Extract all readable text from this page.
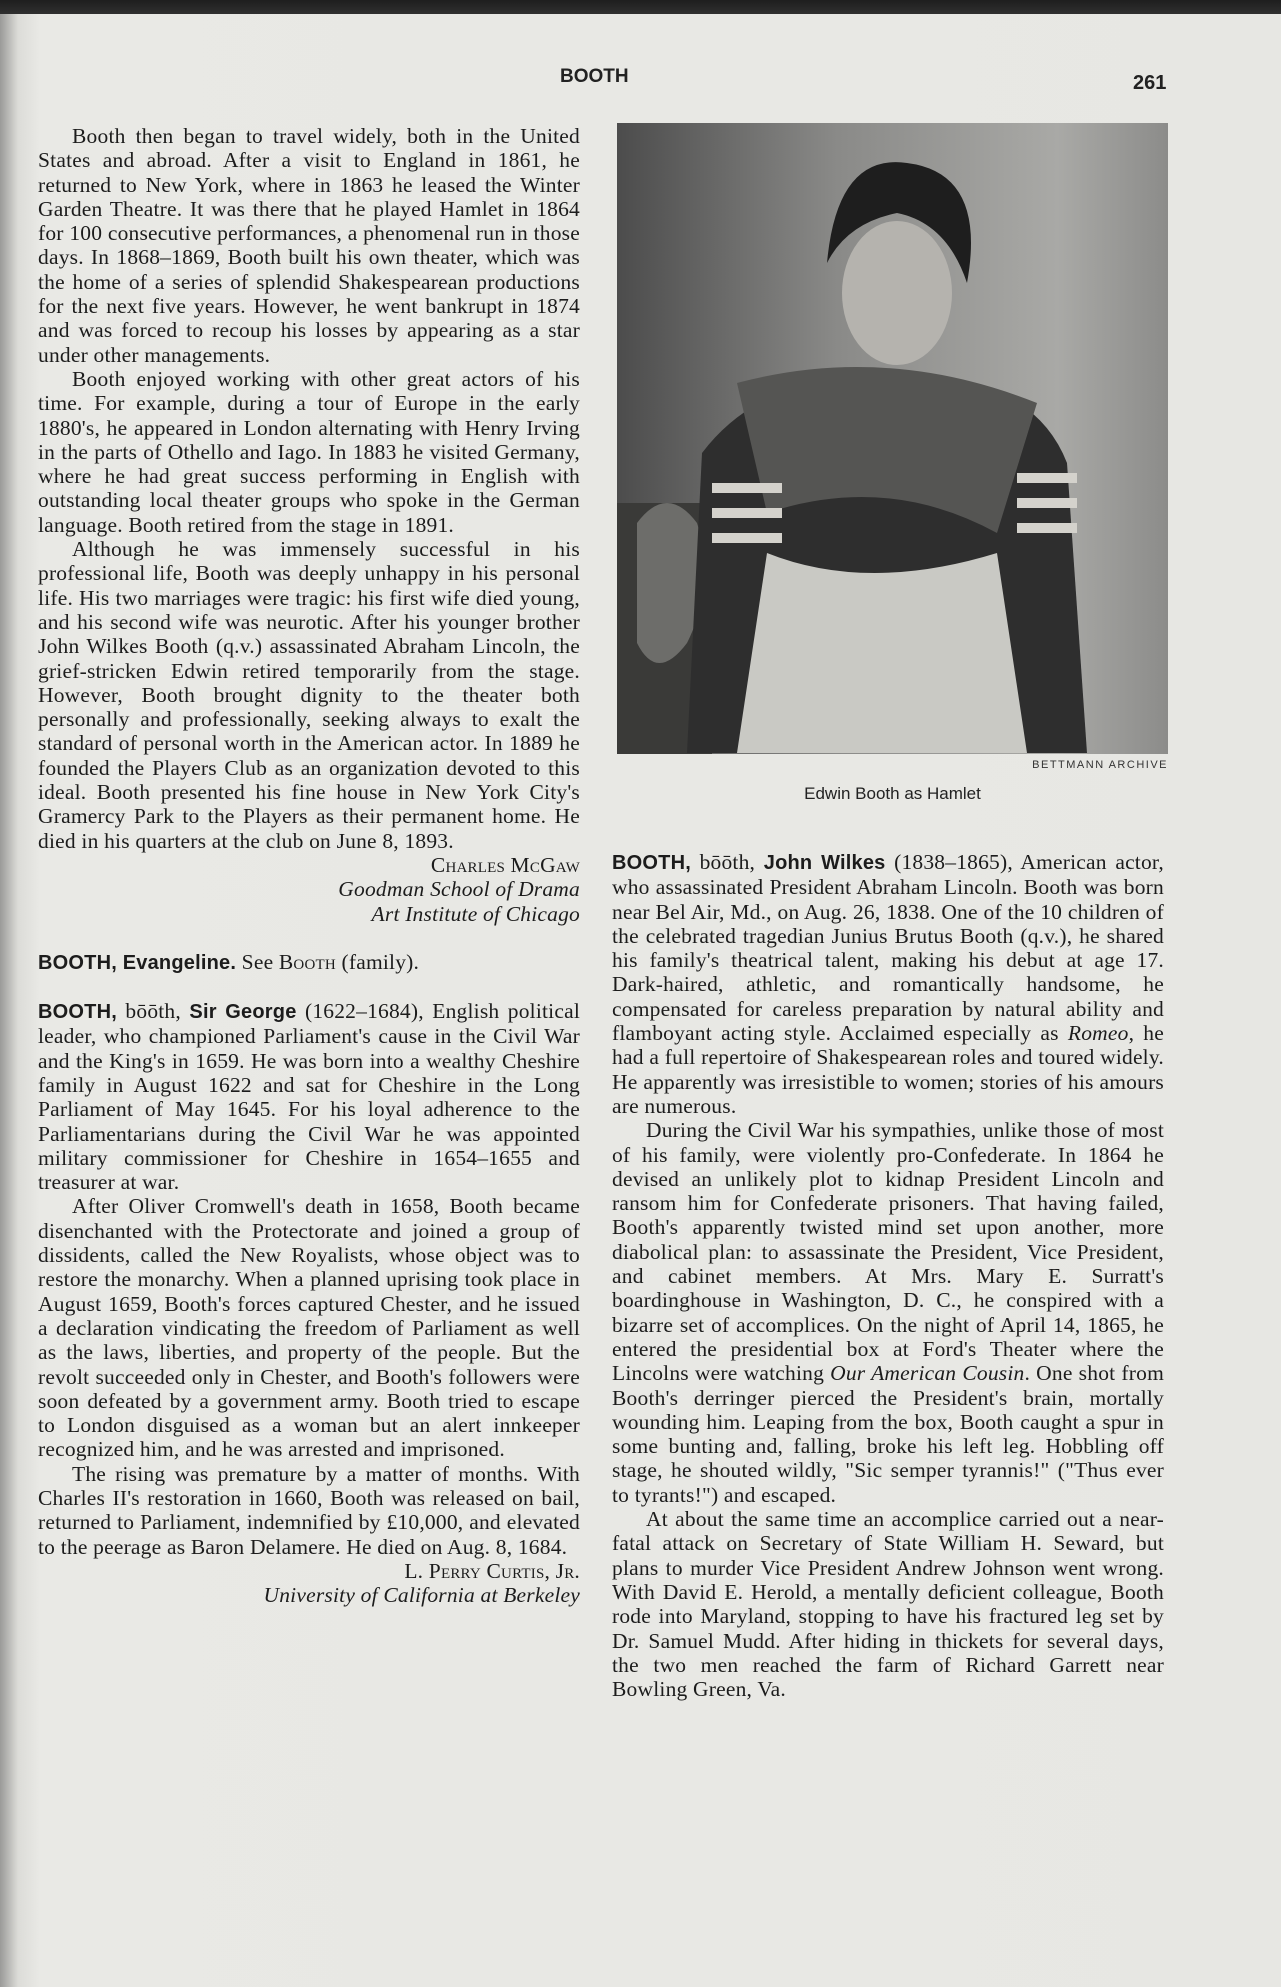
BOOTH	261

Booth then began to travel widely, both in the United States and abroad. After a visit to England in 1861, he returned to New York, where in 1863 he leased the Winter Garden Theatre. It was there that he played Hamlet in 1864 for 100 consecutive performances, a phenomenal run in those days. In 1868–1869, Booth built his own theater, which was the home of a series of splendid Shakespearean productions for the next five years. However, he went bankrupt in 1874 and was forced to recoup his losses by appearing as a star under other managements.

Booth enjoyed working with other great actors of his time. For example, during a tour of Europe in the early 1880's, he appeared in London alternating with Henry Irving in the parts of Othello and Iago. In 1883 he visited Germany, where he had great success performing in English with outstanding local theater groups who spoke in the German language. Booth retired from the stage in 1891.

Although he was immensely successful in his professional life, Booth was deeply unhappy in his personal life. His two marriages were tragic: his first wife died young, and his second wife was neurotic. After his younger brother John Wilkes Booth (q.v.) assassinated Abraham Lincoln, the grief-stricken Edwin retired temporarily from the stage. However, Booth brought dignity to the theater both personally and professionally, seeking always to exalt the standard of personal worth in the American actor. In 1889 he founded the Players Club as an organization devoted to this ideal. Booth presented his fine house in New York City's Gramercy Park to the Players as their permanent home. He died in his quarters at the club on June 8, 1893.

Charles McGaw

Goodman School of Drama

Art Institute of Chicago

BOOTH, Evangeline. See Booth (family).

BOOTH, bōōth, Sir George (1622–1684), English political leader, who championed Parliament's cause in the Civil War and the King's in 1659. He was born into a wealthy Cheshire family in August 1622 and sat for Cheshire in the Long Parliament of May 1645. For his loyal adherence to the Parliamentarians during the Civil War he was appointed military commissioner for Cheshire in 1654–1655 and treasurer at war.

After Oliver Cromwell's death in 1658, Booth became disenchanted with the Protectorate and joined a group of dissidents, called the New Royalists, whose object was to restore the monarchy. When a planned uprising took place in August 1659, Booth's forces captured Chester, and he issued a declaration vindicating the freedom of Parliament as well as the laws, liberties, and property of the people. But the revolt succeeded only in Chester, and Booth's followers were soon defeated by a government army. Booth tried to escape to London disguised as a woman but an alert innkeeper recognized him, and he was arrested and imprisoned.

The rising was premature by a matter of months. With Charles II's restoration in 1660, Booth was released on bail, returned to Parliament, indemnified by £10,000, and elevated to the peerage as Baron Delamere. He died on Aug. 8, 1684.

L. Perry Curtis, Jr.

University of California at Berkeley

BETTMANN ARCHIVE
Edwin Booth as Hamlet

BOOTH, bōōth, John Wilkes (1838–1865), American actor, who assassinated President Abraham Lincoln. Booth was born near Bel Air, Md., on Aug. 26, 1838. One of the 10 children of the celebrated tragedian Junius Brutus Booth (q.v.), he shared his family's theatrical talent, making his debut at age 17. Dark-haired, athletic, and romantically handsome, he compensated for careless preparation by natural ability and flamboyant acting style. Acclaimed especially as Romeo, he had a full repertoire of Shakespearean roles and toured widely. He apparently was irresistible to women; stories of his amours are numerous.

During the Civil War his sympathies, unlike those of most of his family, were violently pro-Confederate. In 1864 he devised an unlikely plot to kidnap President Lincoln and ransom him for Confederate prisoners. That having failed, Booth's apparently twisted mind set upon another, more diabolical plan: to assassinate the President, Vice President, and cabinet members. At Mrs. Mary E. Surratt's boardinghouse in Washington, D. C., he conspired with a bizarre set of accomplices. On the night of April 14, 1865, he entered the presidential box at Ford's Theater where the Lincolns were watching Our American Cousin. One shot from Booth's derringer pierced the President's brain, mortally wounding him. Leaping from the box, Booth caught a spur in some bunting and, falling, broke his left leg. Hobbling off stage, he shouted wildly, "Sic semper tyrannis!" ("Thus ever to tyrants!") and escaped.

At about the same time an accomplice carried out a near-fatal attack on Secretary of State William H. Seward, but plans to murder Vice President Andrew Johnson went wrong. With David E. Herold, a mentally deficient colleague, Booth rode into Maryland, stopping to have his fractured leg set by Dr. Samuel Mudd. After hiding in thickets for several days, the two men reached the farm of Richard Garrett near Bowling Green, Va.
